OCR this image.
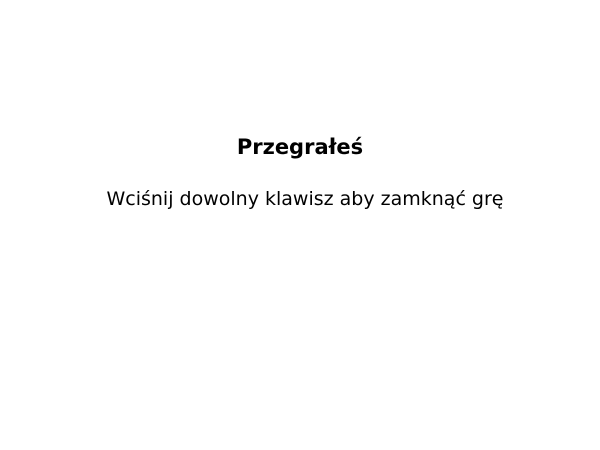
Przegrałeś
Wciśnij dowolny klawisz aby zamknąć grę
